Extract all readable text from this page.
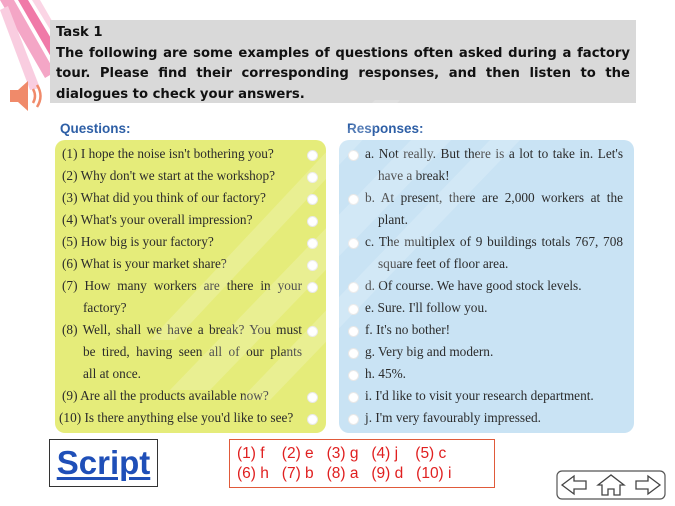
Task 1
The following are some examples of questions often asked during a factory tour. Please find their corresponding responses, and then listen to the dialogues to check your answers.
Questions:	Responses:
(1) I hope the noise isn't bothering you?
(2) Why don't we start at the workshop?
(3) What did you think of our factory?
(4) What's your overall impression?
(5) How big is your factory?
(6) What is your market share?
(7) How many workers are there in your
factory?
(8) Well, shall we have a break? You must
be tired, having seen all of our plants
all at once.
(9) Are all the products available now?
(10) Is there anything else you'd like to see?
a. Not really. But there is a lot to take in. Let's
have a break!
b. At present, there are 2,000 workers at the
plant.
c. The multiplex of 9 buildings totals 767, 708
square feet of floor area.
d. Of course. We have good stock levels.
e. Sure. I'll follow you.
f. It's no bother!
g. Very big and modern.
h. 45%.
i. I'd like to visit your research department.
j. I'm very favourably impressed.
Script	(1) f    (2) e   (3) g   (4) j    (5) c
(6) h   (7) b   (8) a   (9) d   (10) i
